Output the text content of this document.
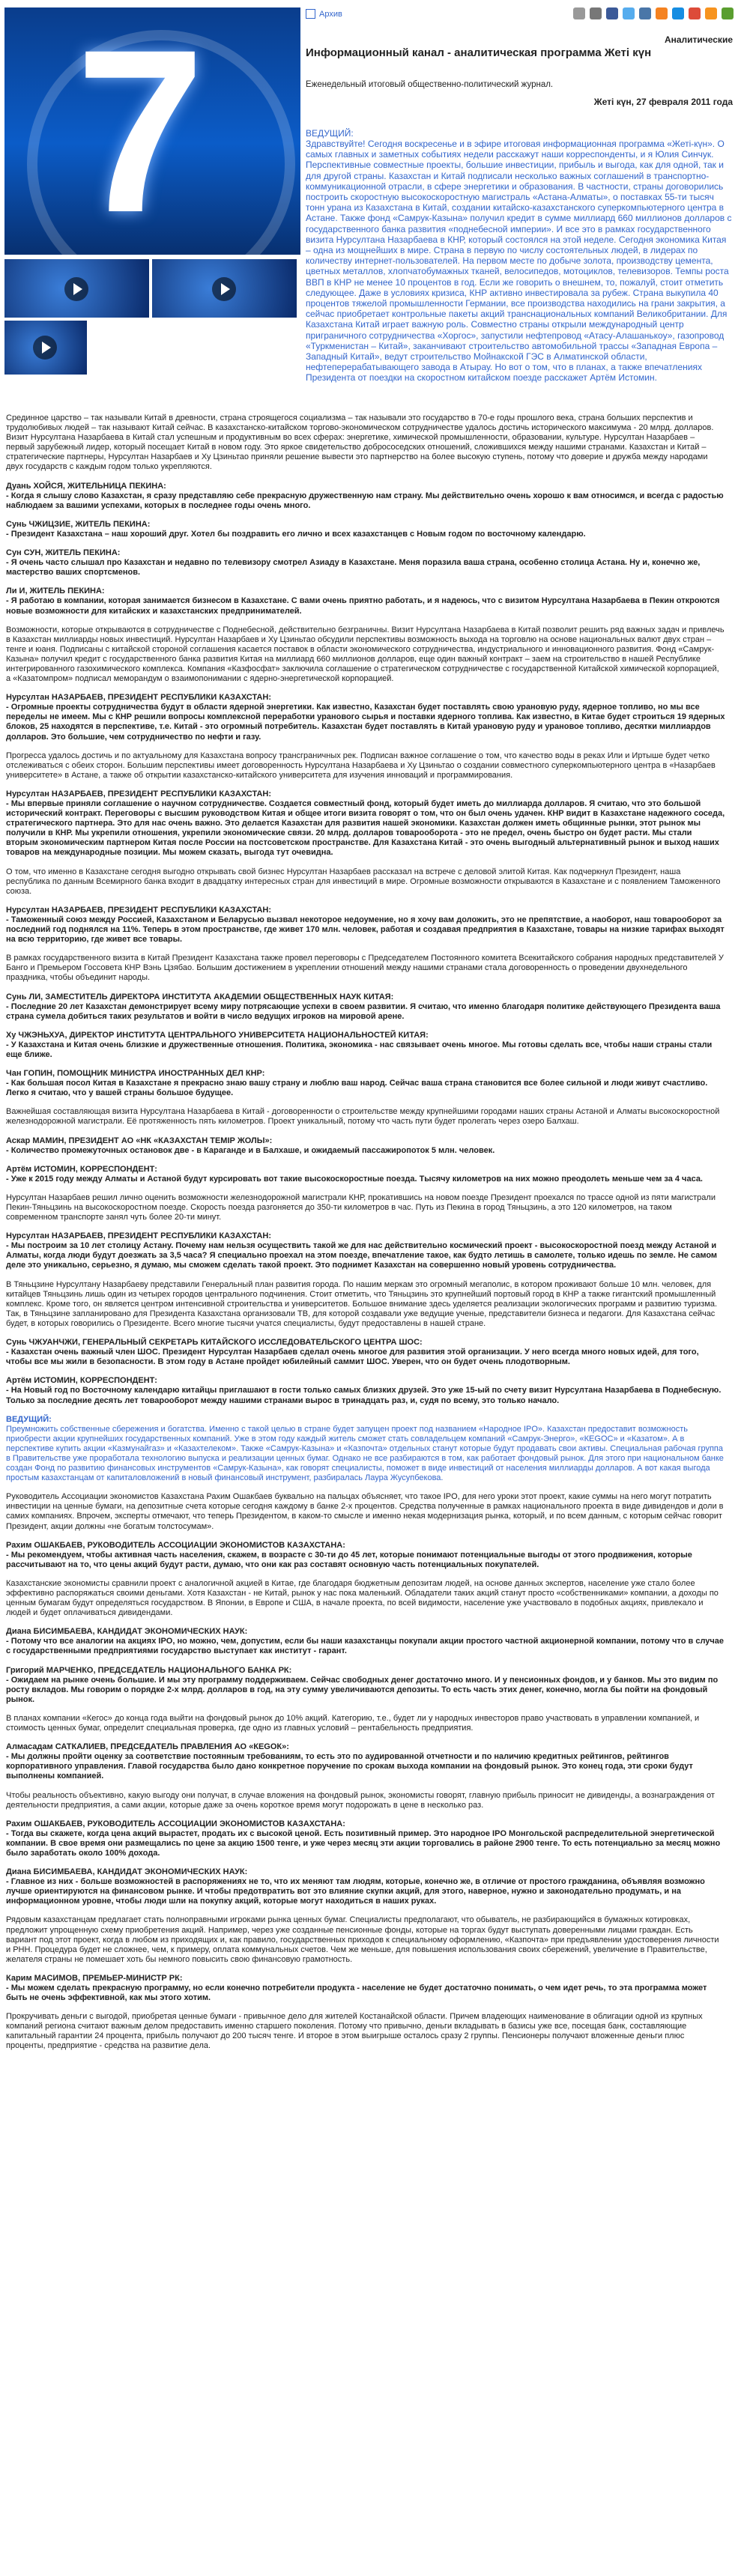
Архив
7	Аналитические
Информационный канал - аналитическая программа Жеті күн
Еженедельный итоговый общественно-политический журнал.
Жеті күн, 27 февраля 2011 года
ВЕДУЩИЙ:
Здравствуйте! Сегодня воскресенье и в эфире итоговая информационная программа «Жеті-күн». О самых главных и заметных событиях недели расскажут наши корреспонденты, и я Юлия Синчук. Перспективные совместные проекты, большие инвестиции, прибыль и выгода, как для одной, так и для другой страны. Казахстан и Китай подписали несколько важных соглашений в транспортно-коммуникационной отрасли, в сфере энергетики и образования. В частности, страны договорились построить скоростную высокоскоростную магистраль «Астана-Алматы», о поставках 55-ти тысяч тонн урана из Казахстана в Китай, создании китайско-казахстанского суперкомпьютерного центра в Астане. Также фонд «Самрук-Казына» получил кредит в сумме миллиард 660 миллионов долларов с государственного банка развития «поднебесной империи». И все это в рамках государственного визита Нурсултана Назарбаева в КНР, который состоялся на этой неделе. Сегодня экономика Китая – одна из мощнейших в мире. Страна в первую по числу состоятельных людей, в лидерах по количеству интернет-пользователей. На первом месте по добыче золота, производству цемента, цветных металлов, хлопчатобумажных тканей, велосипедов, мотоциклов, телевизоров. Темпы роста ВВП в КНР не менее 10 процентов в год. Если же говорить о внешнем, то, пожалуй, стоит отметить следующее. Даже в условиях кризиса, КНР активно инвестировала за рубеж. Страна выкупила 40 процентов тяжелой промышленности Германии, все производства находились на грани закрытия, а сейчас приобретает контрольные пакеты акций транснациональных компаний Великобритании. Для Казахстана Китай играет важную роль. Совместно страны открыли международный центр приграничного сотрудничества «Хоргос», запустили нефтепровод «Атасу-Алашанькоу», газопровод «Туркменистан – Китай», заканчивают строительство автомобильной трассы «Западная Европа – Западный Китай», ведут строительство Мойнакской ГЭС в Алматинской области, нефтеперерабатывающего завода в Атырау. Но вот о том, что в планах, а также впечатлениях Президента от поездки на скоростном китайском поезде расскажет Артём Истомин.

Срединное царство – так называли Китай в древности, страна строящегося социализма – так называли это государство в 70-е годы прошлого века, страна больших перспектив и трудолюбивых людей – так называют Китай сейчас. В казахстанско-китайском торгово-экономическом сотрудничестве удалось достичь исторического максимума - 20 млрд. долларов. Визит Нурсултана Назарбаева в Китай стал успешным и продуктивным во всех сферах: энергетике, химической промышленности, образовании, культуре. Нурсултан Назарбаев – первый зарубежный лидер, который посещает Китай в новом году. Это яркое свидетельство добрососедских отношений, сложившихся между нашими странами. Казахстан и Китай – стратегические партнеры, Нурсултан Назарбаев и Ху Цзиньтао приняли решение вывести это партнерство на более высокую ступень, потому что доверие и дружба между народами двух государств с каждым годом только укрепляются.

Дуань ХОЙСЯ, ЖИТЕЛЬНИЦА ПЕКИНА:
- Когда я слышу слово Казахстан, я сразу представляю себе прекрасную дружественную нам страну. Мы действительно очень хорошо к вам относимся, и всегда с радостью наблюдаем за вашими успехами, которых в последнее годы очень много.

Сунь ЧЖИЦЗИЕ, ЖИТЕЛЬ ПЕКИНА:
- Президент Казахстана – наш хороший друг. Хотел бы поздравить его лично и всех казахстанцев с Новым годом по восточному календарю.

Сун СУН, ЖИТЕЛЬ ПЕКИНА:
- Я очень часто слышал про Казахстан и недавно по телевизору смотрел Азиаду в Казахстане. Меня поразила ваша страна, особенно столица Астана. Ну и, конечно же, мастерство ваших спортсменов.

Ли И, ЖИТЕЛЬ ПЕКИНА:
- Я работаю в компании, которая занимается бизнесом в Казахстане. С вами очень приятно работать, и я надеюсь, что с визитом Нурсултана Назарбаева в Пекин откроются новые возможности для китайских и казахстанских предпринимателей.

Возможности, которые открываются в сотрудничестве с Поднебесной, действительно безграничны. Визит Нурсултана Назарбаева в Китай позволит решить ряд важных задач и привлечь в Казахстан миллиарды новых инвестиций. Нурсултан Назарбаев и Ху Цзиньтао обсудили перспективы возможность выхода на торговлю на основе национальных валют двух стран – тенге и юаня. Подписаны с китайской стороной соглашения касается поставок в области экономического сотрудничества, индустриального и инновационного развития. Фонд «Самрук-Казына» получил кредит с государственного банка развития Китая на миллиард 660 миллионов долларов, еще один важный контракт – заем на строительство в нашей Республике интегрированного газохимического комплекса. Компания «Казфосфат» заключила соглашение о стратегическом сотрудничестве с государственной Китайской химической корпорацией, а «Казатомпром» подписал меморандум о взаимопонимании с ядерно-энергетической корпорацией.

Нурсултан НАЗАРБАЕВ, ПРЕЗИДЕНТ РЕСПУБЛИКИ КАЗАХСТАН:
- Огромные проекты сотрудничества будут в области ядерной энергетики. Как известно, Казахстан будет поставлять свою урановую руду, ядерное топливо, но мы все переделы не имеем. Мы с КНР решили вопросы комплексной переработки уранового сырья и поставки ядерного топлива. Как известно, в Китае будет строиться 19 ядерных блоков, 25 находятся в перспективе, т.е. Китай - это огромный потребитель. Казахстан будет поставлять в Китай урановую руду и урановое топливо, десятки миллиардов долларов. Это большие, чем сотрудничество по нефти и газу.

Прогресса удалось достичь и по актуальному для Казахстана вопросу трансграничных рек. Подписан важное соглашение о том, что качество воды в реках Или и Иртыше будет четко отслеживаться с обеих сторон. Большим перспективы имеет договоренность Нурсултана Назарбаева и Ху Цзиньтао о создании совместного суперкомпьютерного центра в «Назарбаев университете» в Астане, а также об открытии казахстанско-китайского университета для изучения инноваций и программирования.

Нурсултан НАЗАРБАЕВ, ПРЕЗИДЕНТ РЕСПУБЛИКИ КАЗАХСТАН:
- Мы впервые приняли соглашение о научном сотрудничестве. Создается совместный фонд, который будет иметь до миллиарда долларов. Я считаю, что это большой исторический контракт. Переговоры с высшим руководством Китая и общее итоги визита говорят о том, что он был очень удачен. КНР видит в Казахстане надежного соседа, стратегического партнера. Это для нас очень важно. Это делается Казахстан для развития нашей экономики. Казахстан должен иметь общинные рынки, этот рынок мы получили в КНР. Мы укрепили отношения, укрепили экономические связи. 20 млрд. долларов товарооборота - это не предел, очень быстро он будет расти. Мы стали вторым экономическим партнером Китая после России на постсоветском пространстве. Для Казахстана Китай - это очень выгодный альтернативный рынок и выход наших товаров на международные позиции. Мы можем сказать, выгода тут очевидна.

О том, что именно в Казахстане сегодня выгодно открывать свой бизнес Нурсултан Назарбаев рассказал на встрече с деловой элитой Китая. Как подчеркнул Президент, наша республика по данным Всемирного банка входит в двадцатку интересных стран для инвестиций в мире. Огромные возможности открываются в Казахстане и с появлением Таможенного союза.

Нурсултан НАЗАРБАЕВ, ПРЕЗИДЕНТ РЕСПУБЛИКИ КАЗАХСТАН:
- Таможенный союз между Россией, Казахстаном и Беларусью вызвал некоторое недоумение, но я хочу вам доложить, это не препятствие, а наоборот, наш товарооборот за последний год поднялся на 11%. Теперь в этом пространстве, где живет 170 млн. человек, работая и создавая предприятия в Казахстане, товары на низкие тарифах выходят на всю территорию, где живет все товары.

В рамках государственного визита в Китай Президент Казахстана также провел переговоры с Председателем Постоянного комитета Всекитайского собрания народных представителей У Банго и Премьером Госсовета КНР Вэнь Цзябао. Большим достижением в укреплении отношений между нашими странами стала договоренность о проведении двухнедельного праздника, чтобы объединит народы.

Сунь ЛИ, ЗАМЕСТИТЕЛЬ ДИРЕКТОРА ИНСТИТУТА АКАДЕМИИ ОБЩЕСТВЕННЫХ НАУК КИТАЯ:
- Последние 20 лет Казахстан демонстрирует всему миру потрясающие успехи в своем развитии. Я считаю, что именно благодаря политике действующего Президента ваша страна сумела добиться таких результатов и войти в число ведущих игроков на мировой арене.

Ху ЧЖЭНЬХУА, ДИРЕКТОР ИНСТИТУТА ЦЕНТРАЛЬНОГО УНИВЕРСИТЕТА НАЦИОНАЛЬНОСТЕЙ КИТАЯ:
- У Казахстана и Китая очень близкие и дружественные отношения. Политика, экономика - нас связывает очень многое. Мы готовы сделать все, чтобы наши страны стали еще ближе.

Чан ГОПИН, ПОМОЩНИК МИНИСТРА ИНОСТРАННЫХ ДЕЛ КНР:
- Как большая посол Китая в Казахстане я прекрасно знаю вашу страну и люблю ваш народ. Сейчас ваша страна становится все более сильной и люди живут счастливо. Легко я считаю, что у вашей страны большое будущее.

Важнейшая составляющая визита Нурсултана Назарбаева в Китай - договоренности о строительстве между крупнейшими городами наших страны Астаной и Алматы высокоскоростной железнодорожной магистрали. Её протяженность пять километров. Проект уникальный, потому что часть пути будет пролегать через озеро Балхаш.

Аскар МАМИН, ПРЕЗИДЕНТ АО «НК «КАЗАХСТАН ТЕМІР ЖОЛЫ»:
- Количество промежуточных остановок две - в Караганде и в Балхаше, и ожидаемый пассажиропоток 5 млн. человек.

Артём ИСТОМИН, КОРРЕСПОНДЕНТ:
- Уже к 2015 году между Алматы и Астаной будут курсировать вот такие высокоскоростные поезда. Тысячу километров на них можно преодолеть меньше чем за 4 часа.

Нурсултан Назарбаев решил лично оценить возможности железнодорожной магистрали КНР, прокатившись на новом поезде Президент проехался по трассе одной из пяти магистрали Пекин-Тяньцзинь на высокоскоростном поезде. Скорость поезда разгоняется до 350-ти километров в час. Путь из Пекина в город Тяньцзинь, а это 120 километров, на таком современном транспорте занял чуть более 20-ти минут.

Нурсултан НАЗАРБАЕВ, ПРЕЗИДЕНТ РЕСПУБЛИКИ КАЗАХСТАН:
- Мы построим за 10 лет столицу Астану. Почему нам нельзя осуществить такой же для нас действительно космический проект - высокоскоростной поезд между Астаной и Алматы, когда люди будут доезжать за 3,5 часа? Я специально проехал на этом поезде, впечатление такое, как будто летишь в самолете, только идешь по земле. Не самом деле это уникально, серьезно, я думаю, мы сможем сделать такой проект. Это поднимет Казахстан на совершенно новый уровень сотрудничества.

В Тяньцзине Нурсултану Назарбаеву представили Генеральный план развития города. По нашим меркам это огромный мегаполис, в котором проживают больше 10 млн. человек, для китайцев Тяньцзинь лишь один из четырех городов центрального подчинения. Стоит отметить, что Тяньцзинь это крупнейший портовый город в КНР а также гигантский промышленный комплекс. Кроме того, он является центром интенсивной строительства и университетов. Большое внимание здесь уделяется реализации экологических программ и развитию туризма. Так, в Тяньцзине запланировано для Президента Казахстана организовали ТВ, для которой создавали уже ведущие ученые, представители бизнеса и педагоги. Для Казахстана сейчас будет, в которых говорились о Президенте. Всего многие тысячи учатся специалисты, будут предоставлены в нашей стране.

Сунь ЧЖУАНЧЖИ, ГЕНЕРАЛЬНЫЙ СЕКРЕТАРЬ КИТАЙСКОГО ИССЛЕДОВАТЕЛЬСКОГО ЦЕНТРА ШОС:
- Казахстан очень важный член ШОС. Президент Нурсултан Назарбаев сделал очень многое для развития этой организации. У него всегда много новых идей, для того, чтобы все мы жили в безопасности. В этом году в Астане пройдет юбилейный саммит ШОС. Уверен, что он будет очень плодотворным.

Артём ИСТОМИН, КОРРЕСПОНДЕНТ:
- На Новый год по Восточному календарю китайцы приглашают в гости только самых близких друзей. Это уже 15-ый по счету визит Нурсултана Назарбаева в Поднебесную. Только за последние десять лет товарооборот между нашими странами вырос в тринадцать раз, и, судя по всему, это только начало.

ВЕДУЩИЙ:
Преумножить собственные сбережения и богатства. Именно с такой целью в стране будет запущен проект под названием «Народное IPO». Казахстан предоставит возможность приобрести акции крупнейших государственных компаний. Уже в этом году каждый житель сможет стать совладельцем компаний «Самрук-Энерго», «КЕGОС» и «Казатом». А в перспективе купить акции «Казмунайгаз» и «Казахтелеком». Также «Самрук-Казына» и «Казпочта» отдельных станут которые будут продавать свои активы. Специальная рабочая группа в Правительстве уже проработала технологию выпуска и реализации ценных бумаг. Однако не все разбираются в том, как работает фондовый рынок. Для этого при национальном банке создан Фонд по развитию финансовых инструментов «Самрук-Казына», как говорят специалисты, поможет в виде инвестиций от населения миллиарды долларов. А вот какая выгода простым казахстанцам от капиталовложений в новый финансовый инструмент, разбиралась Лаура Жусупбекова.

Руководитель Ассоциации экономистов Казахстана Рахим Ошакбаев буквально на пальцах объясняет, что такое IPO, для него уроки этот проект, какие суммы на него могут потратить инвестиции на ценные бумаги, на депозитные счета которые сегодня каждому в банке 2-х процентов. Средства полученные в рамках национального проекта в виде дивидендов и доли в самих компаниях. Впрочем, эксперты отмечают, что теперь Президентом, в каком-то смысле и именно некая модернизация рынка, который, и по всем данным, с которым сейчас говорит Президент, акции должны «не богатым толстосумам».

Рахим ОШАКБАЕВ, РУКОВОДИТЕЛЬ АССОЦИАЦИИ ЭКОНОМИСТОВ КАЗАХСТАНА:
- Мы рекомендуем, чтобы активная часть населения, скажем, в возрасте с 30-ти до 45 лет, которые понимают потенциальные выгоды от этого продвижения, которые рассчитывают на то, что цены акций будут расти, думаю, что они как раз составят основную часть потенциальных покупателей.

Казахстанские экономисты сравнили проект с аналогичной акцией в Китае, где благодаря бюджетным депозитам людей, на основе данных экспертов, население уже стало более эффективно распоряжаться своими деньгами. Хотя Казахстан - не Китай, рынок у нас пока маленький. Обладатели таких акций станут просто «собственниками» компании, а доходы по ценным бумагам будут определяться государством. В Японии, в Европе и США, в начале проекта, по всей видимости, население уже участвовало в подобных акциях, привлекало и людей и будет оплачиваться дивидендами.

Диана БИСИМБАЕВА, КАНДИДАТ ЭКОНОМИЧЕСКИХ НАУК:
- Потому что все аналогии на акциях IPO, но можно, чем, допустим, если бы наши казахстанцы покупали акции простого частной акционерной компании, потому что в случае с государственными предприятиями государство выступает как институт - гарант.

Григорий МАРЧЕНКО, ПРЕДСЕДАТЕЛЬ НАЦИОНАЛЬНОГО БАНКА РК:
- Ожидаем на рынке очень большие. И мы эту программу поддерживаем. Сейчас свободных денег достаточно много. И у пенсионных фондов, и у банков. Мы это видим по росту вкладов. Мы говорим о порядке 2-х млрд. долларов в год, на эту сумму увеличиваются депозиты. То есть часть этих денег, конечно, могла бы пойти на фондовый рынок.

В планах компании «Кегос» до конца года выйти на фондовый рынок до 10% акций. Категорию, т.е., будет ли у народных инвесторов право участвовать в управлении компанией, и стоимость ценных бумаг, определит специальная проверка, где одно из главных условий – рентабельность предприятия.

Алмасадам САТКАЛИЕВ, ПРЕДСЕДАТЕЛЬ ПРАВЛЕНИЯ АО «КЕGОК»:
- Мы должны пройти оценку за соответствие постоянным требованиям, то есть это по аудированной отчетности и по наличию кредитных рейтингов, рейтингов корпоративного управления. Главой государства было дано конкретное поручение по срокам выхода компании на фондовый рынок. Это конец года, эти сроки будут выполнены компанией.

Чтобы реальность объективно, какую выгоду они получат, в случае вложения на фондовый рынок, экономисты говорят, главную прибыль приносит не дивиденды, а вознаграждения от деятельности предприятия, а сами акции, которые даже за очень короткое время могут подорожать в цене в несколько раз.

Рахим ОШАКБАЕВ, РУКОВОДИТЕЛЬ АССОЦИАЦИИ ЭКОНОМИСТОВ КАЗАХСТАНА:
- Тогда вы скажете, когда цена акций вырастет, продать их с высокой ценой. Есть позитивный пример. Это народное IPO Монгольской распределительной энергетической компании. В свое время они размещались по цене за акцию 1500 тенге, и уже через месяц эти акции торговались в районе 2900 тенге. То есть потенциально за месяц можно было заработать около 100% дохода.

Диана БИСИМБАЕВА, КАНДИДАТ ЭКОНОМИЧЕСКИХ НАУК:
- Главное из них - больше возможностей в распоряжениях не то, что их меняют там людям, которые, конечно же, в отличие от простого гражданина, объявляя возможно лучше ориентируются на финансовом рынке. И чтобы предотвратить вот это влияние скупки акций, для этого, наверное, нужно и законодательно продумать, и на информационном уровне, чтобы люди шли на покупку акций, которые могут находиться в наших руках.

Рядовым казахстанцам предлагает стать полноправными игроками рынка ценных бумаг. Специалисты предполагают, что обыватель, не разбирающийся в бумажных котировках, предложит упрощенную схему приобретения акций. Например, через уже созданные пенсионные фонды, которые на торгах будут выступать доверенными лицами граждан. Есть вариант под этот проект, когда в любом из приходящих и, как правило, государственных приходов к специальному оформлению, «Казпочта» при предъявлении удостоверения личности и РНН. Процедура будет не сложнее, чем, к примеру, оплата коммунальных счетов. Чем же меньше, для повышения использования своих сбережений, увеличение в Правительстве, желателя страны не помешает хоть бы немного повысить свою финансовую грамотность.

Карим МАСИМОВ, ПРЕМЬЕР-МИНИСТР РК:
- Мы можем сделать прекрасную программу, но если конечно потребители продукта - население не будет достаточно понимать, о чем идет речь, то эта программа может быть не очень эффективной, как мы этого хотим.

Прокручивать деньги с выгодой, приобретая ценные бумаги - привычное дело для жителей Костанайской области. Причем владеющих наименование в облигации одной из крупных компаний региона считают важным делом предоставить именно старшего поколения. Потому что привычно, деньги вкладывать в базисы уже все, посещая банк, составляющие капитальный гарантии 24 процента, прибыль получают до 200 тысяч тенге. И второе в этом выигрыше осталось сразу 2 группы. Пенсионеры получают вложенные деньги плюс проценты, предприятие - средства на развитие дела.
